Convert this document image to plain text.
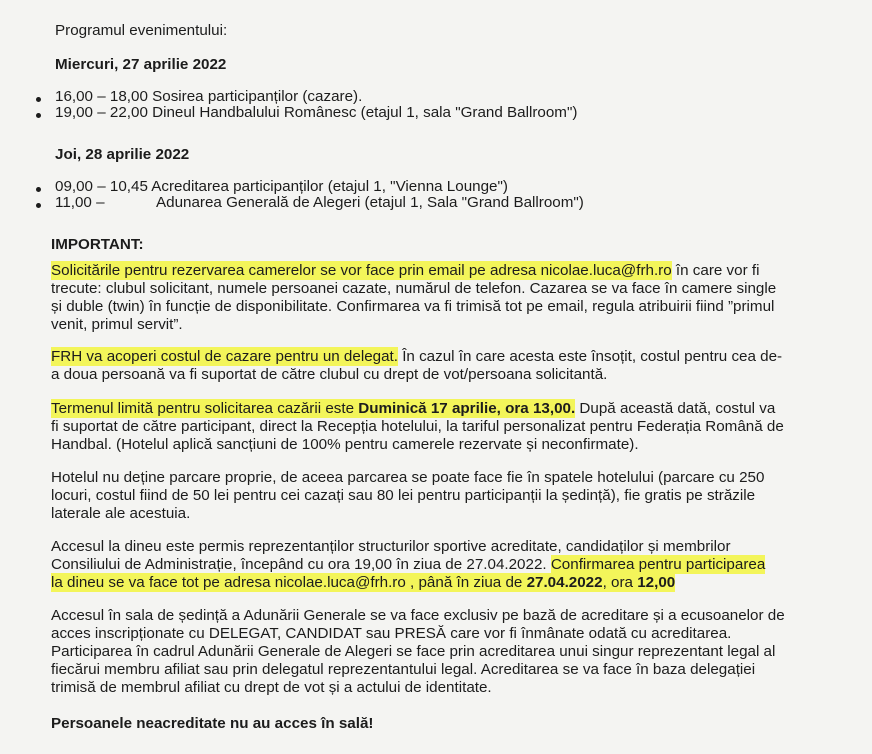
Programul evenimentului:
Miercuri, 27 aprilie 2022
16,00 – 18,00 Sosirea participanților (cazare).
19,00 – 22,00 Dineul Handbalului Românesc (etajul 1, sala "Grand Ballroom")
Joi, 28 aprilie 2022
09,00 – 10,45 Acreditarea participanților (etajul 1, "Vienna Lounge")
11,00 –	Adunarea Generală de Alegeri (etajul 1, Sala "Grand Ballroom")
IMPORTANT:
Solicitările pentru rezervarea camerelor se vor face prin email pe adresa nicolae.luca@frh.ro în care vor fi
trecute: clubul solicitant, numele persoanei cazate, numărul de telefon. Cazarea se va face în camere single
și duble (twin) în funcție de disponibilitate. Confirmarea va fi trimisă tot pe email, regula atribuirii fiind ”primul
venit, primul servit”.
FRH va acoperi costul de cazare pentru un delegat. În cazul în care acesta este însoțit, costul pentru cea de-
a doua persoană va fi suportat de către clubul cu drept de vot/persoana solicitantă.
Termenul limită pentru solicitarea cazării este Duminică 17 aprilie, ora 13,00. După această dată, costul va
fi suportat de către participant, direct la Recepția hotelului, la tariful personalizat pentru Federația Română de
Handbal. (Hotelul aplică sancțiuni de 100% pentru camerele rezervate și neconfirmate).
Hotelul nu deține parcare proprie, de aceea parcarea se poate face fie în spatele hotelului (parcare cu 250
locuri, costul fiind de 50 lei pentru cei cazați sau 80 lei pentru participanții la ședință), fie gratis pe străzile
laterale ale acestuia.
Accesul la dineu este permis reprezentanților structurilor sportive acreditate, candidaților și membrilor
Consiliului de Administrație, începând cu ora 19,00 în ziua de 27.04.2022. Confirmarea pentru participarea
la dineu se va face tot pe adresa nicolae.luca@frh.ro , până în ziua de 27.04.2022, ora 12,00
Accesul în sala de ședință a Adunării Generale se va face exclusiv pe bază de acreditare și a ecusoanelor de
acces inscripționate cu DELEGAT, CANDIDAT sau PRESĂ care vor fi înmânate odată cu acreditarea.
Participarea în cadrul Adunării Generale de Alegeri se face prin acreditarea unui singur reprezentant legal al
fiecărui membru afiliat sau prin delegatul reprezentantului legal. Acreditarea se va face în baza delegației
trimisă de membrul afiliat cu drept de vot și a actului de identitate.
Persoanele neacreditate nu au acces în sală!
